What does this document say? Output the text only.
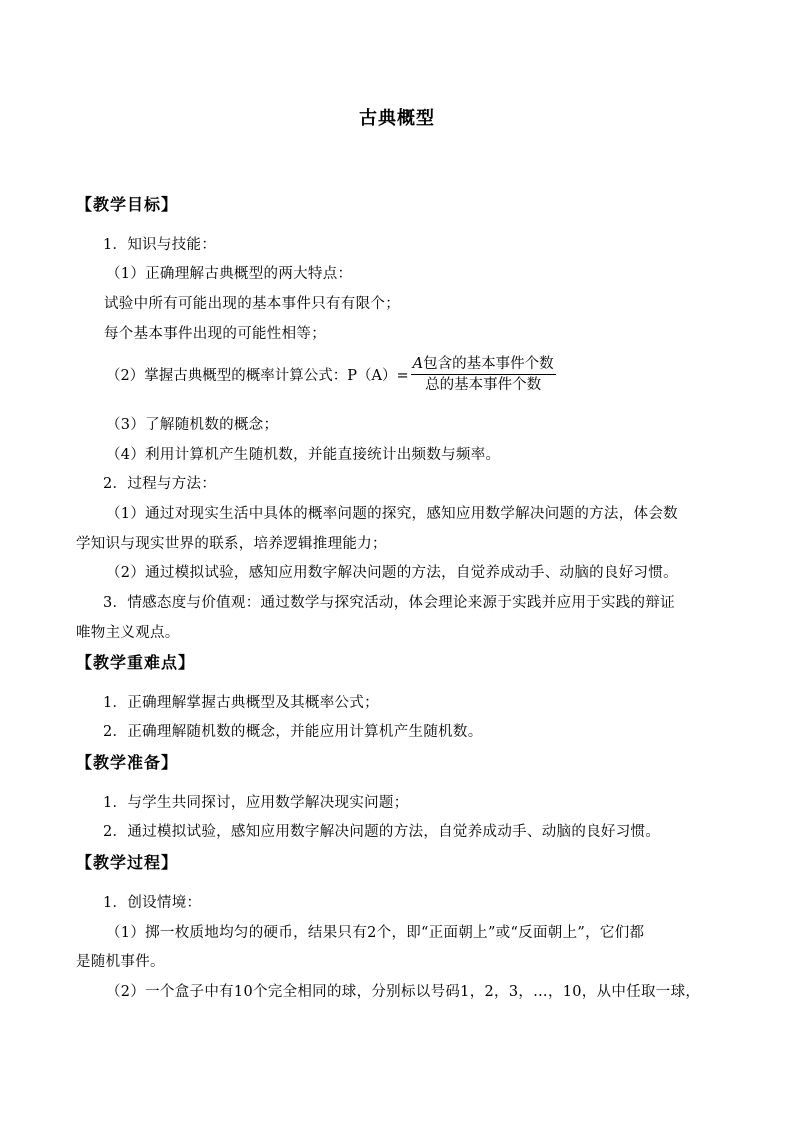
古典概型
【教学目标】
1．知识与技能：
（1）正确理解古典概型的两大特点：
试验中所有可能出现的基本事件只有有限个；
每个基本事件出现的可能性相等；
（2）掌握古典概型的概率计算公式：$P(A)= \frac{\text{A包含的基本事件个数}}{\text{总的基本事件个数}}$
（3）了解随机数的概念；
（4）利用计算机产生随机数，并能直接统计出频数与频率。
2．过程与方法：
（1）通过对现实生活中具体的概率问题的探究，感知应用数学解决问题的方法，体会数
学知识与现实世界的联系，培养逻辑推理能力；
（2）通过模拟试验，感知应用数字解决问题的方法，自觉养成动手、动脑的良好习惯。
3．情感态度与价值观：通过数学与探究活动，体会理论来源于实践并应用于实践的辩证
唯物主义观点。
【教学重难点】
1．正确理解掌握古典概型及其概率公式；
2．正确理解随机数的概念，并能应用计算机产生随机数。
【教学准备】
1．与学生共同探讨，应用数学解决现实问题；
2．通过模拟试验，感知应用数字解决问题的方法，自觉养成动手、动脑的良好习惯。
【教学过程】
1．创设情境：
（1）掷一枚质地均匀的硬币，结果只有2个，即“正面朝上”或“反面朝上”，它们都
是随机事件。
（2）一个盒子中有10个完全相同的球，分别标以号码1，2，3，…，10，从中任取一球，
